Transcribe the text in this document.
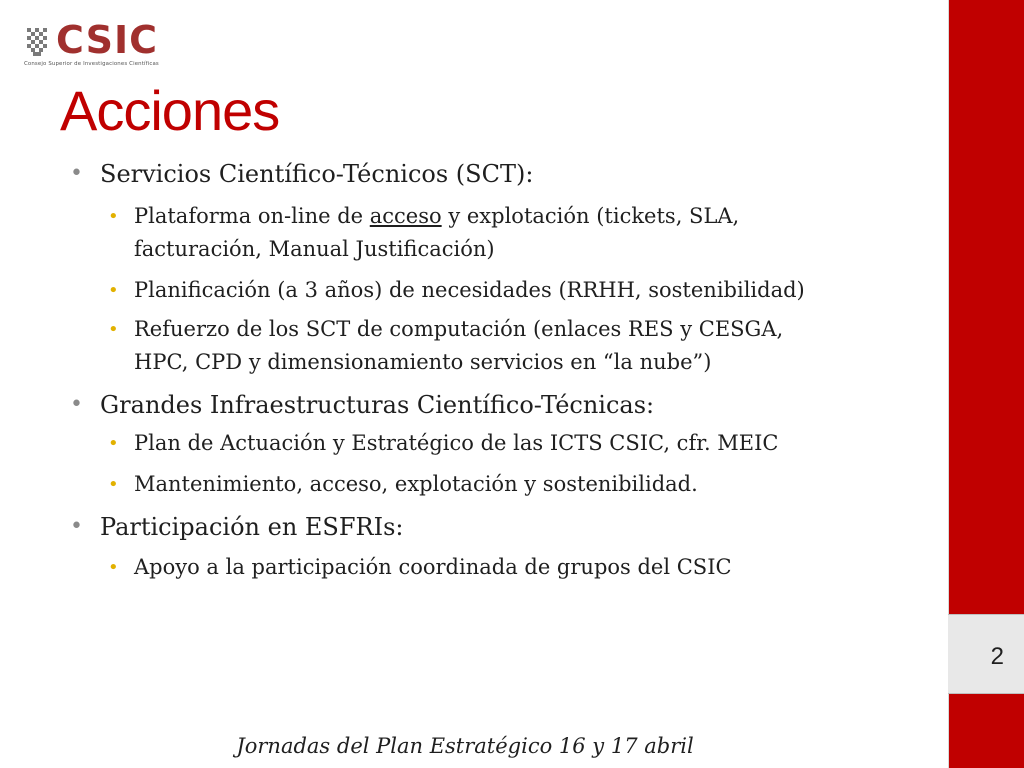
2
CSIC
Consejo Superior de Investigaciones Científicas
Acciones
• Servicios Científico-Técnicos (SCT):
• Plataforma on-line de acceso y explotación (tickets, SLA,
facturación, Manual Justificación)
• Planificación (a 3 años) de necesidades (RRHH, sostenibilidad)
• Refuerzo de los SCT de computación (enlaces RES y CESGA,
HPC, CPD y dimensionamiento servicios en “la nube”)
• Grandes Infraestructuras Científico-Técnicas:
• Plan de Actuación y Estratégico de las ICTS CSIC, cfr. MEIC
• Mantenimiento, acceso, explotación y sostenibilidad.
• Participación en ESFRIs:
• Apoyo a la participación coordinada de grupos del CSIC
Jornadas del Plan Estratégico 16 y 17 abril
